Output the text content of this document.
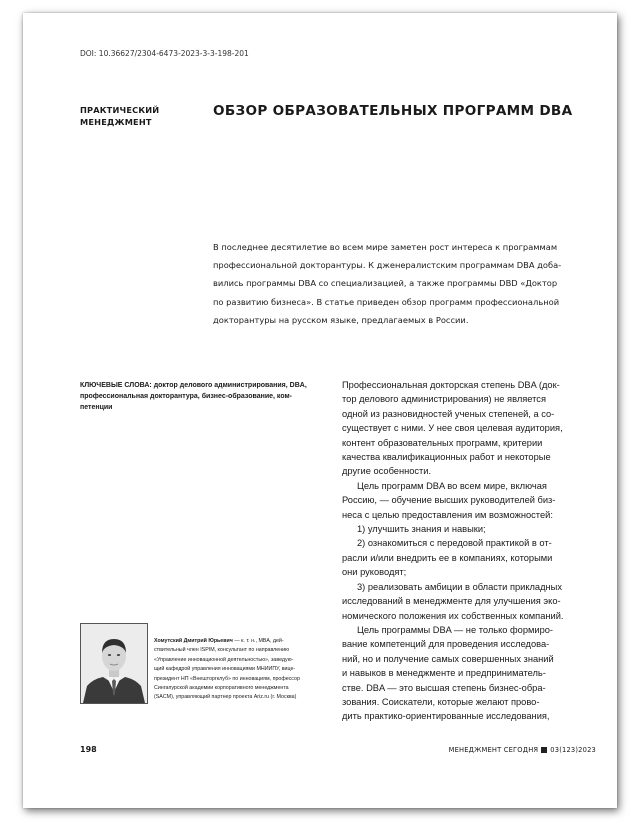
DOI: 10.36627/2304-6473-2023-3-3-198-201
ПРАКТИЧЕСКИЙ
МЕНЕДЖМЕНТ
ОБЗОР ОБРАЗОВАТЕЛЬНЫХ ПРОГРАММ DBA
В последнее десятилетие во всем мире заметен рост интереса к программам
профессиональной докторантуры. К дженералистским программам DBA доба-
вились программы DBA со специализацией, а также программы DBD «Доктор
по развитию бизнеса». В статье приведен обзор программ профессиональной
докторантуры на русском языке, предлагаемых в России.
КЛЮЧЕВЫЕ СЛОВА: доктор делового администрирования, DBA,
профессиональная докторантура, бизнес-образование, ком-
петенции

Профессиональная докторская степень DBA (док-
тор делового администрирования) не является
одной из разновидностей ученых степеней, а со-
существует с ними. У нее своя целевая аудитория,
контент образовательных программ, критерии
качества квалификационных работ и некоторые
другие особенности.

Цель программ DBA во всем мире, включая
Россию, — обучение высших руководителей биз-
неса с целью предоставления им возможностей:

1) улучшить знания и навыки;

2) ознакомиться с передовой практикой в от-
расли и/или внедрить ее в компаниях, которыми
они руководят;

3) реализовать амбиции в области прикладных
исследований в менеджменте для улучшения эко-
номического положения их собственных компаний.

Цель программы DBA — не только формиро-
вание компетенций для проведения исследова-
ний, но и получение самых совершенных знаний
и навыков в менеджменте и предприниматель-
стве. DBA — это высшая степень бизнес-обра-
зования. Соискатели, которые желают прово-
дить практико-ориентированные исследования,

Хомутский Дмитрий Юрьевич — к. т. н., MBA, дей-
ствительный член ISPIM, консультант по направлению
«Управление инновационной деятельностью», заведую-
щий кафедрой управления инновациями МНИИПУ, вице-
президент НП «Внешторгклуб» по инновациям, профессор
Сингапурской академии корпоративного менеджмента
(SACM), управляющий партнер проекта Ariz.ru (г. Москва)
198	МЕНЕДЖМЕНТ СЕГОДНЯ 03(123)2023
